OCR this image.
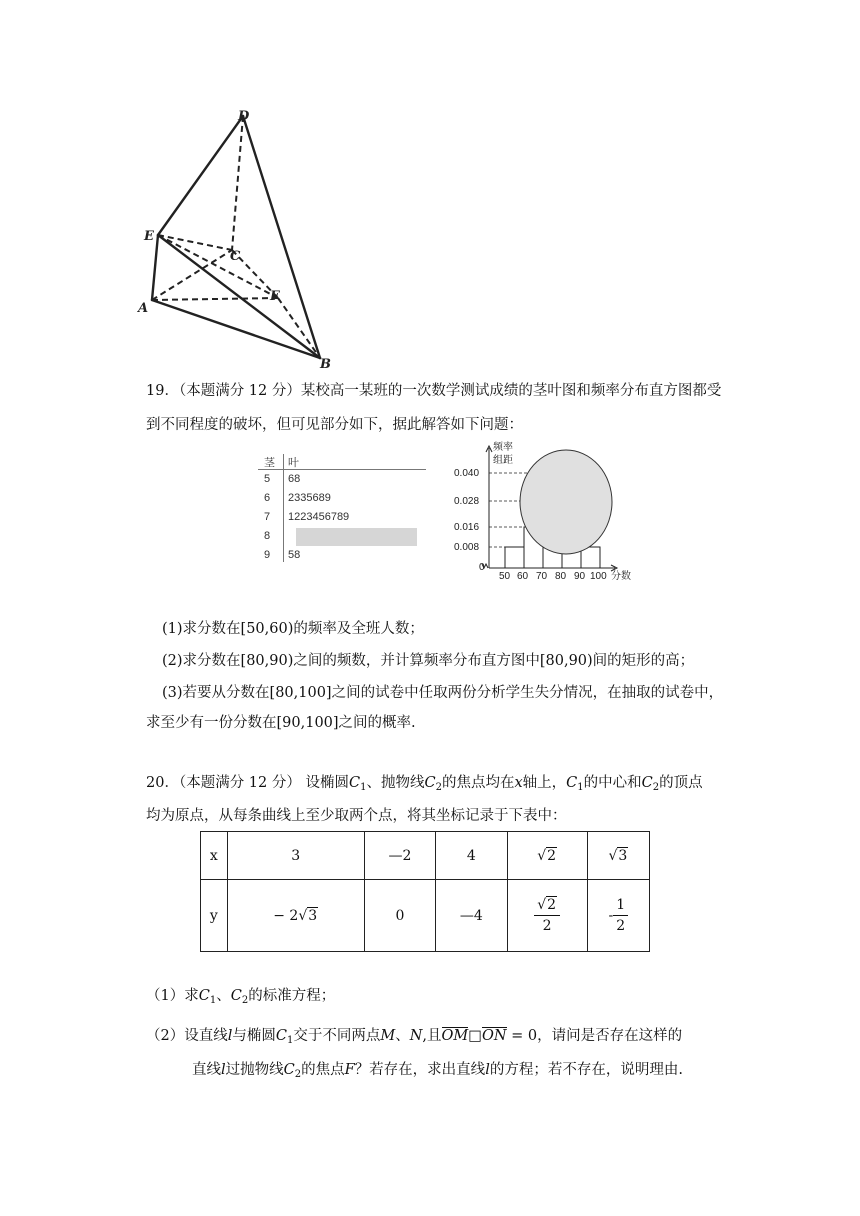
D
E
C
F
A
B
19．（本题满分 12 分）某校高一某班的一次数学测试成绩的茎叶图和频率分布直方图都受
到不同程度的破坏，但可见部分如下，据此解答如下问题：
茎 叶
5 68
6 2335689
7 1223456789
8
9 58
频率
组距
0.040
0.028
0.016
0.008
0
50 60 70 80 90 100 分数
(1)求分数在[50,60)的频率及全班人数；
(2)求分数在[80,90)之间的频数，并计算频率分布直方图中[80,90)间的矩形的高；
(3)若要从分数在[80,100]之间的试卷中任取两份分析学生失分情况，在抽取的试卷中，
求至少有一份分数在[90,100]之间的概率.
20．（本题满分 12 分） 设椭圆$C_1$、抛物线$C_2$的焦点均在x轴上，$C_1$的中心和$C_2$的顶点
均为原点，从每条曲线上至少取两个点，将其坐标记录于下表中：
x	3	—2	4	√2	√3
y	− 2√3	0	—4	$\frac{√2}{2}$	- $\frac{1}{2}$
（1）求$C_1$、$C_2$的标准方程；
（2）设直线l与椭圆$C_1$交于不同两点M、N,且OM□ON = 0，请问是否存在这样的
直线l过抛物线$C_2$的焦点F？若存在，求出直线l的方程；若不存在，说明理由.
